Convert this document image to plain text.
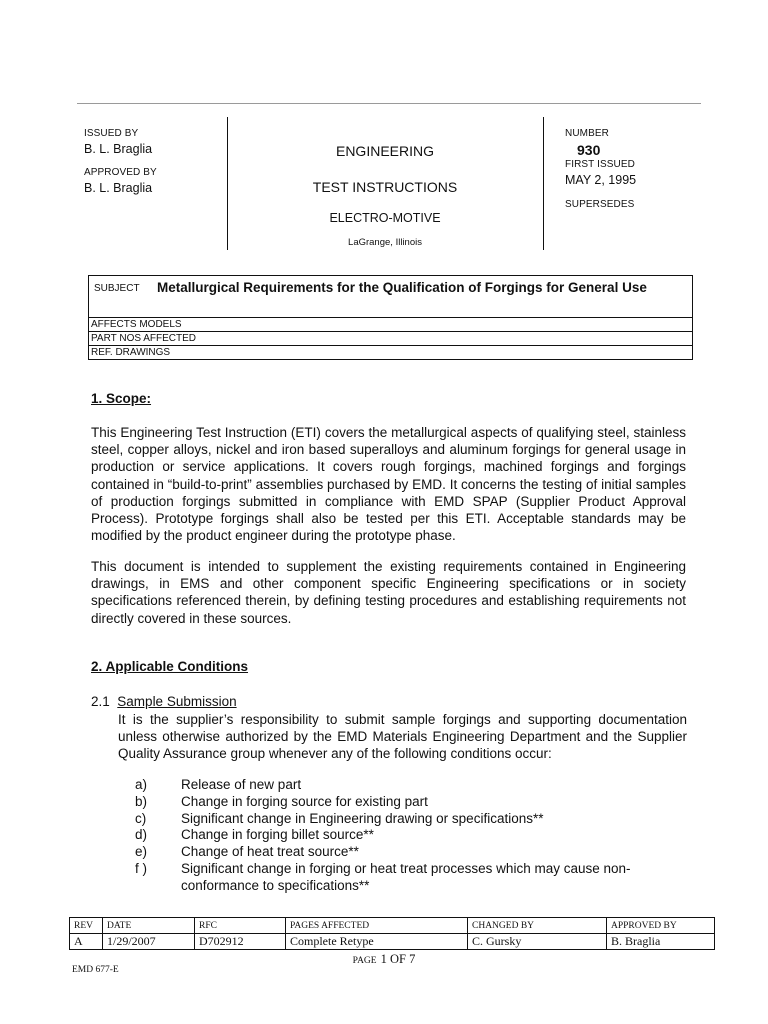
ISSUED BY
B. L. Braglia
APPROVED BY
B. L. Braglia
ENGINEERING
TEST INSTRUCTIONS
ELECTRO-MOTIVE
LaGrange, Illinois
NUMBER
930
FIRST ISSUED
MAY 2, 1995
SUPERSEDES
SUBJECT Metallurgical Requirements for the Qualification of Forgings for General Use
AFFECTS MODELS
PART NOS AFFECTED
REF. DRAWINGS
1. Scope:
This Engineering Test Instruction (ETI) covers the metallurgical aspects of qualifying steel, stainless steel, copper alloys, nickel and iron based superalloys and aluminum forgings for general usage in production or service applications. It covers rough forgings, machined forgings and forgings contained in “build-to-print” assemblies purchased by EMD. It concerns the testing of initial samples of production forgings submitted in compliance with EMD SPAP (Supplier Product Approval Process). Prototype forgings shall also be tested per this ETI. Acceptable standards may be modified by the product engineer during the prototype phase.
This document is intended to supplement the existing requirements contained in Engineering drawings, in EMS and other component specific Engineering specifications or in society specifications referenced therein, by defining testing procedures and establishing requirements not directly covered in these sources.
2. Applicable Conditions
2.1 Sample Submission
It is the supplier’s responsibility to submit sample forgings and supporting documentation unless otherwise authorized by the EMD Materials Engineering Department and the Supplier Quality Assurance group whenever any of the following conditions occur:
a)	Release of new part
b)	Change in forging source for existing part
c)	Significant change in Engineering drawing or specifications**
d)	Change in forging billet source**
e)	Change of heat treat source**
f )	Significant change in forging or heat treat processes which may cause non-conformance to specifications**
REV	DATE	RFC	PAGES AFFECTED	CHANGED BY	APPROVED BY
A	1/29/2007	D702912	Complete Retype	C. Gursky	B. Braglia
PAGE 1 OF 7
EMD 677-E
